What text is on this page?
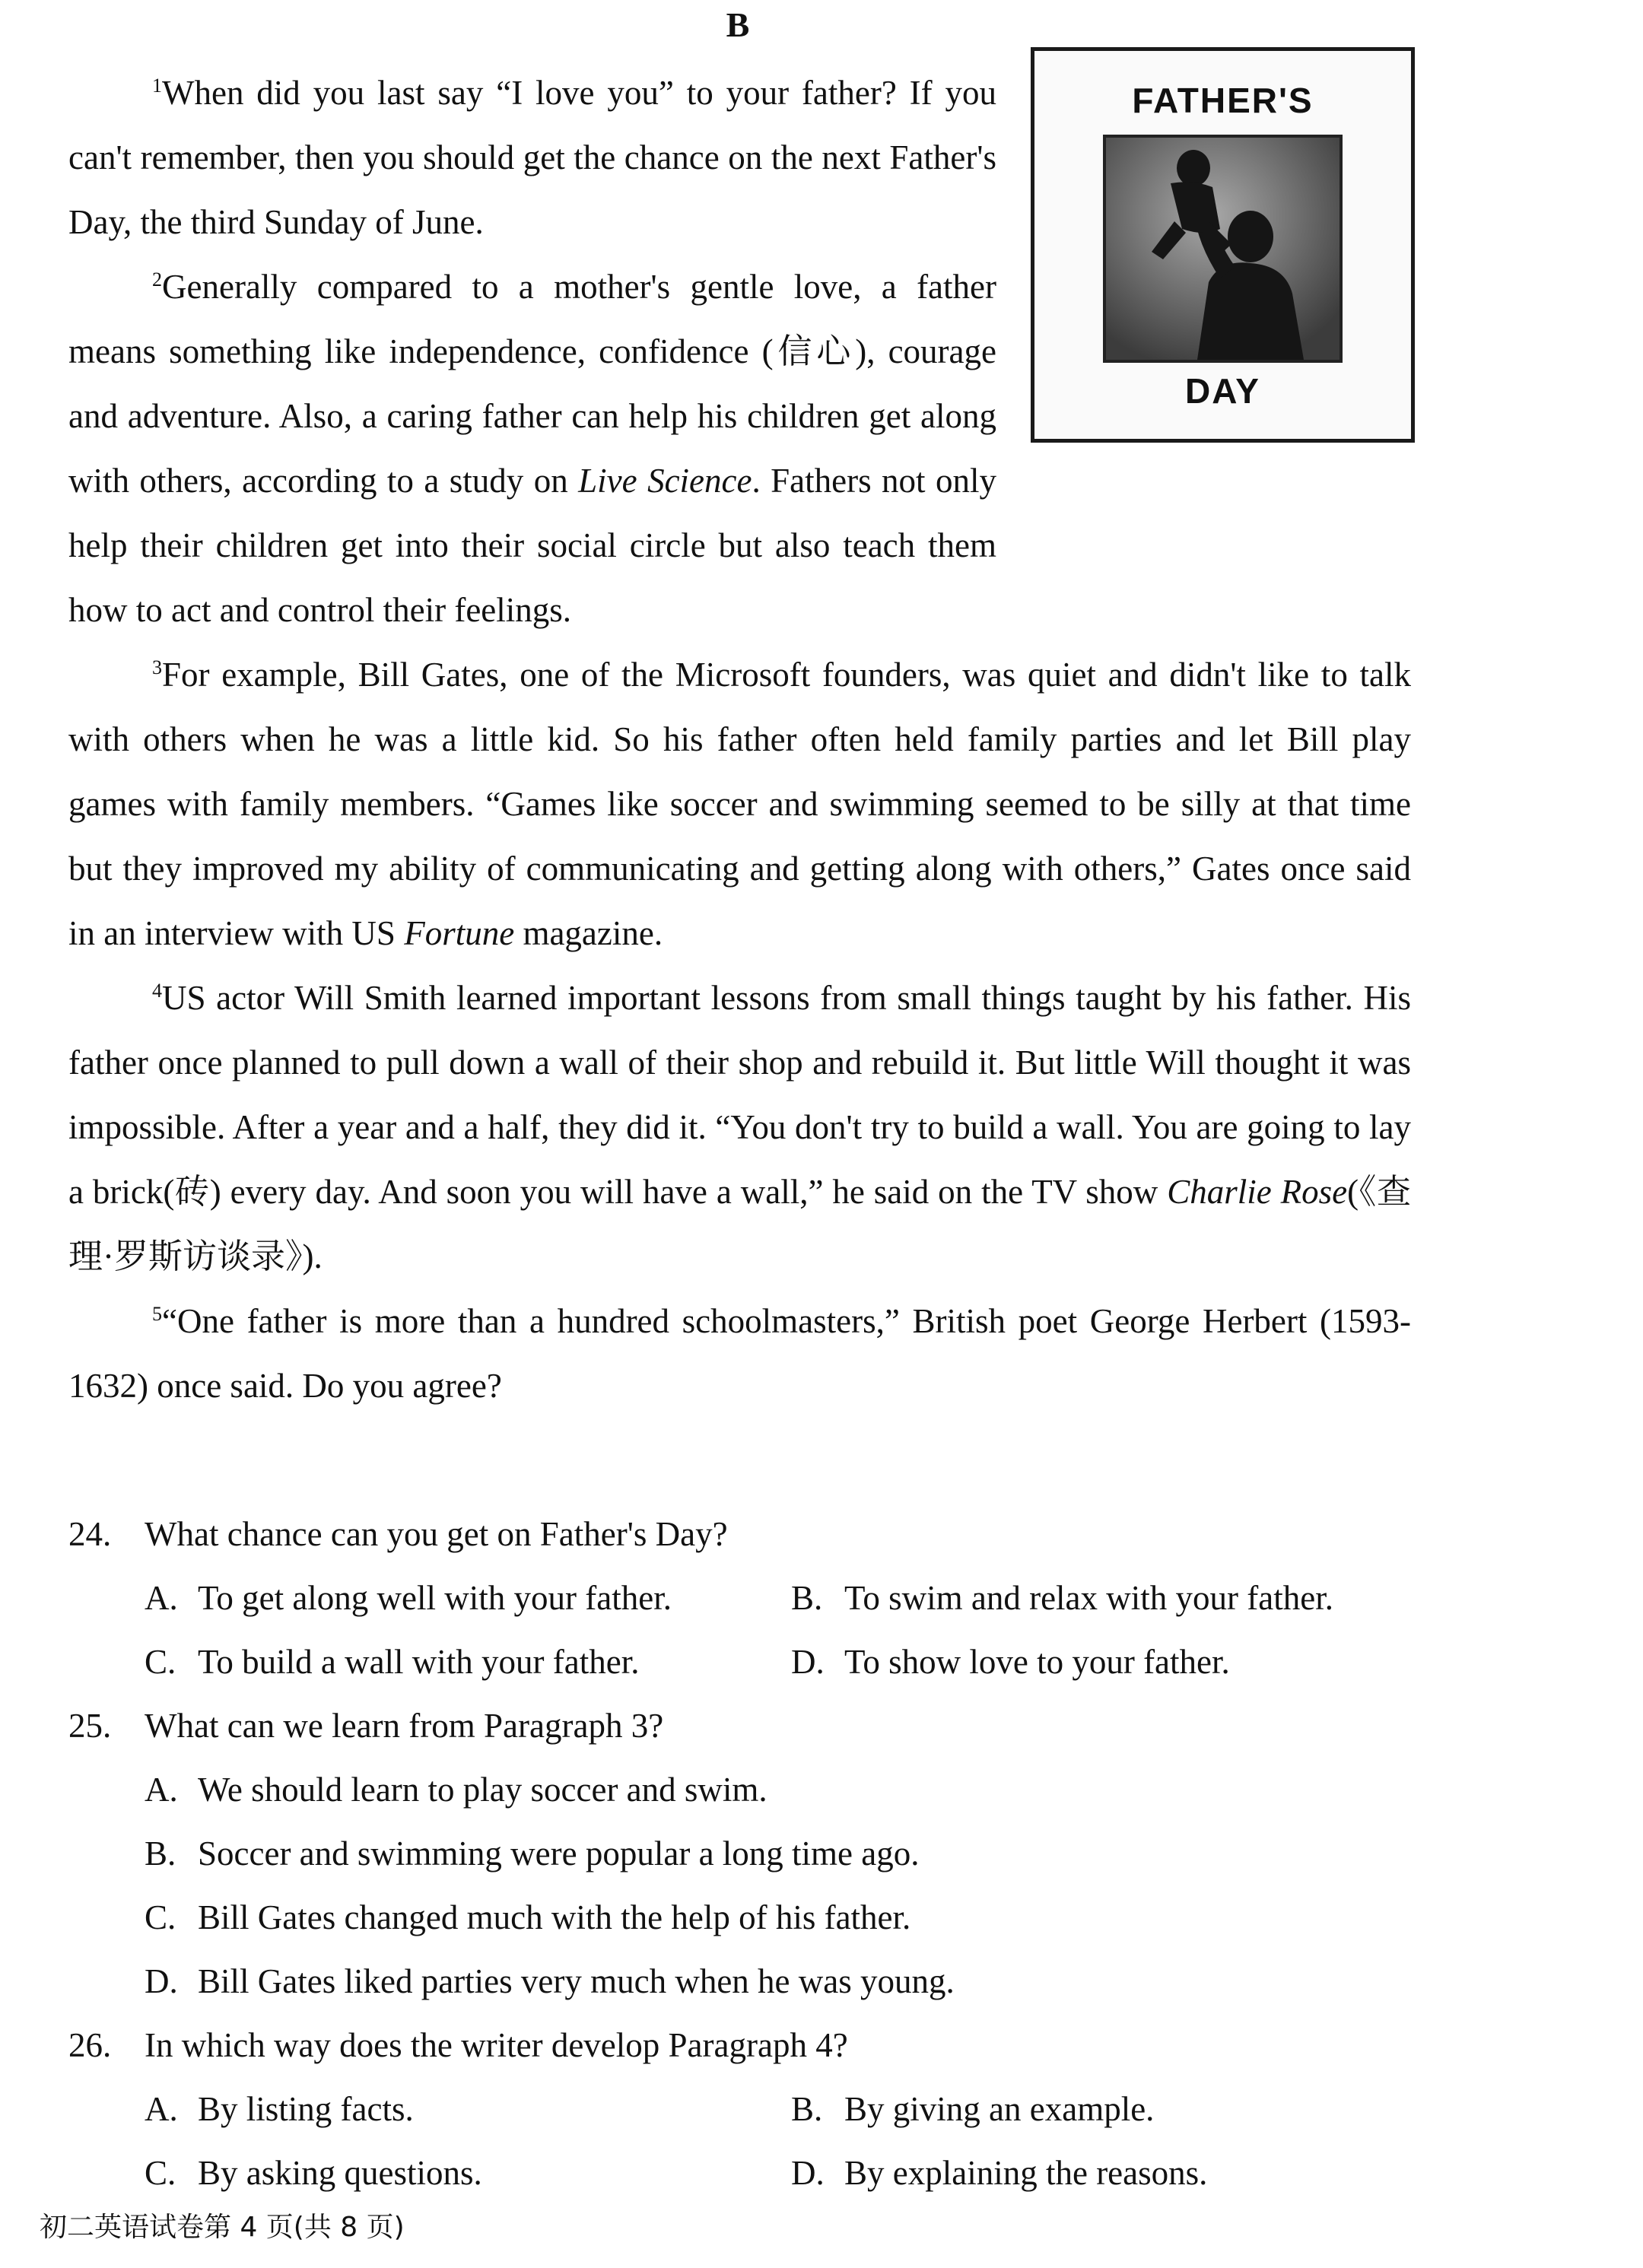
B
FATHER'S
DAY

$^1$When did you last say “I love you” to your father? If you can't remember, then you should get the chance on the next Father's Day, the third Sunday of June.

$^2$Generally compared to a mother's gentle love, a father means something like independence, confidence (信心), courage and adventure. Also, a caring father can help his children get along with others, according to a study on Live Science. Fathers not only help their children get into their social circle but also teach them how to act and control their feelings.

$^3$For example, Bill Gates, one of the Microsoft founders, was quiet and didn't like to talk with others when he was a little kid. So his father often held family parties and let Bill play games with family members. “Games like soccer and swimming seemed to be silly at that time but they improved my ability of communicating and getting along with others,” Gates once said in an interview with US Fortune magazine.

$^4$US actor Will Smith learned important lessons from small things taught by his father. His father once planned to pull down a wall of their shop and rebuild it. But little Will thought it was impossible. After a year and a half, they did it. “You don't try to build a wall. You are going to lay a brick(砖) every day. And soon you will have a wall,” he said on the TV show Charlie Rose(《查理·罗斯访谈录》).

$^5$“One father is more than a hundred schoolmasters,” British poet George Herbert (1593-1632) once said. Do you agree?

24. What chance can you get on Father's Day?

A. To get along well with your father.	B. To swim and relax with your father.
C. To build a wall with your father.	D. To show love to your father.

25. What can we learn from Paragraph 3?

A. We should learn to play soccer and swim.
B. Soccer and swimming were popular a long time ago.
C. Bill Gates changed much with the help of his father.
D. Bill Gates liked parties very much when he was young.

26. In which way does the writer develop Paragraph 4?

A. By listing facts.	B. By giving an example.
C. By asking questions.	D. By explaining the reasons.
初二英语试卷第 4 页(共 8 页)
